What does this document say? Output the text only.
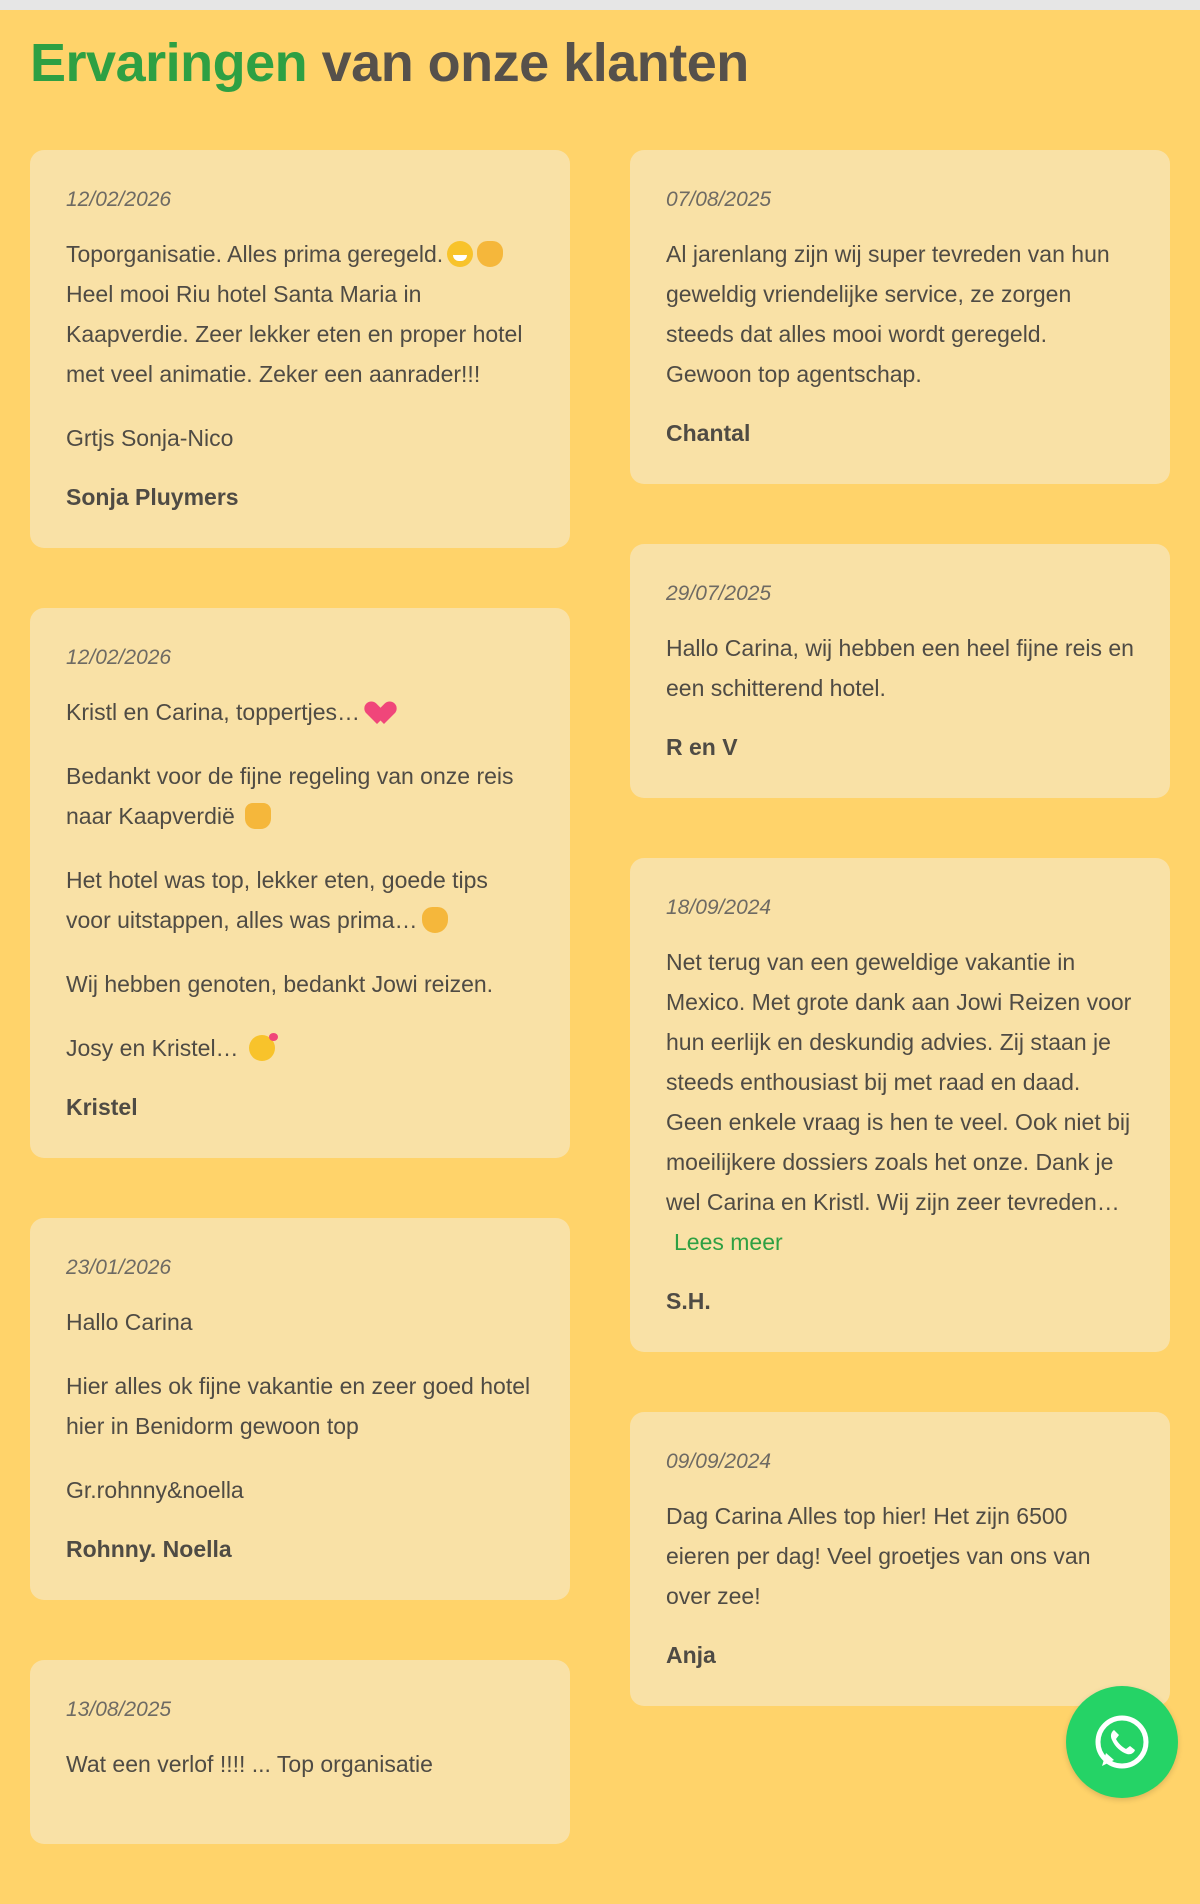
Ervaringen van onze klanten

12/02/2026

Toporganisatie. Alles prima geregeld. Heel mooi Riu hotel Santa Maria in Kaapverdie. Zeer lekker eten en proper hotel met veel animatie. Zeker een aanrader!!!

Grtjs Sonja-Nico

Sonja Pluymers

12/02/2026

Kristl en Carina, toppertjes…

Bedankt voor de fijne regeling van onze reis naar Kaapverdië

Het hotel was top, lekker eten, goede tips voor uitstappen, alles was prima…

Wij hebben genoten, bedankt Jowi reizen.

Josy en Kristel…

Kristel

23/01/2026

Hallo Carina

Hier alles ok fijne vakantie en zeer goed hotel hier in Benidorm gewoon top

Gr.rohnny&noella

Rohnny. Noella

13/08/2025

Wat een verlof !!!! ... Top organisatie

07/08/2025

Al jarenlang zijn wij super tevreden van hun geweldig vriendelijke service, ze zorgen steeds dat alles mooi wordt geregeld. Gewoon top agentschap.

Chantal

29/07/2025

Hallo Carina, wij hebben een heel fijne reis en een schitterend hotel.

R en V

18/09/2024

Net terug van een geweldige vakantie in Mexico. Met grote dank aan Jowi Reizen voor hun eerlijk en deskundig advies. Zij staan je steeds enthousiast bij met raad en daad. Geen enkele vraag is hen te veel. Ook niet bij moeilijkere dossiers zoals het onze. Dank je wel Carina en Kristl. Wij zijn zeer tevreden… Lees meer

S.H.

09/09/2024

Dag Carina Alles top hier! Het zijn 6500 eieren per dag! Veel groetjes van ons van over zee!

Anja
